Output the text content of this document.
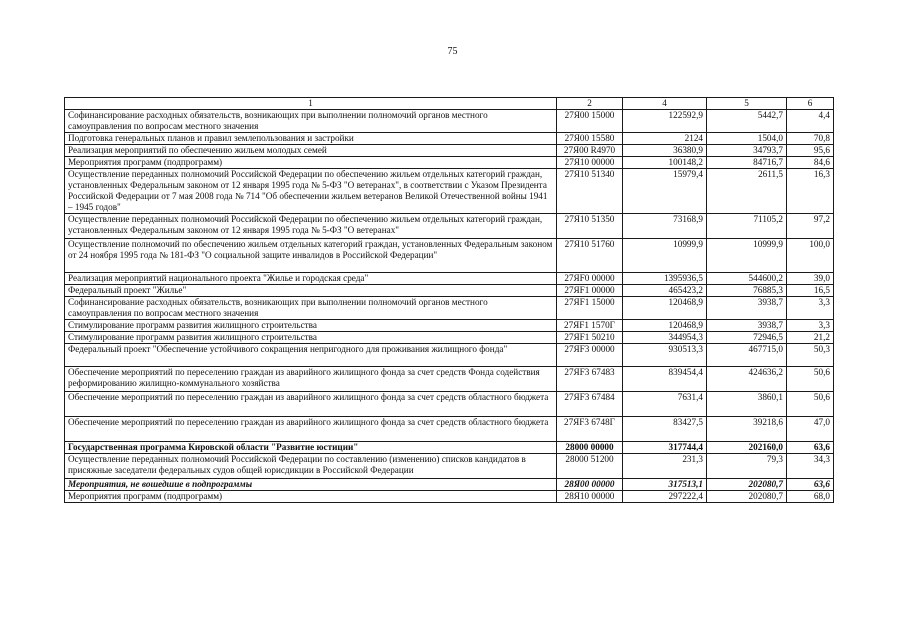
75
1	2	4	5	6
Софинансирование расходных обязательств, возникающих при выполнении полномочий органов местного самоуправления по вопросам местного значения	27Я00 15000	122592,9	5442,7	4,4
Подготовка генеральных планов и правил землепользования и застройки	27Я00 15580	2124	1504,0	70,8
Реализация мероприятий по обеспечению жильем молодых семей	27Я00 R4970	36380,9	34793,7	95,6
Мероприятия программ (подпрограмм)	27Я10 00000	100148,2	84716,7	84,6
Осуществление переданных полномочий Российской Федерации по обеспечению жильем отдельных категорий граждан, установленных Федеральным законом от 12 января 1995 года № 5-ФЗ "О ветеранах", в соответствии с Указом Президента Российской Федерации от 7 мая 2008 года № 714 "Об обеспечении жильем ветеранов Великой Отечественной войны 1941 – 1945 годов"	27Я10 51340	15979,4	2611,5	16,3
Осуществление переданных полномочий Российской Федерации по обеспечению жильем отдельных категорий граждан, установленных Федеральным законом от 12 января 1995 года № 5-ФЗ "О ветеранах"	27Я10 51350	73168,9	71105,2	97,2
Осуществление полномочий по обеспечению жильем отдельных категорий граждан, установленных Федеральным законом от 24 ноября 1995 года № 181-ФЗ "О социальной защите инвалидов в Российской Федерации"	27Я10 51760	10999,9	10999,9	100,0
Реализация мероприятий национального проекта "Жилье и городская среда"	27ЯF0 00000	1395936,5	544600,2	39,0
Федеральный проект "Жилье"	27ЯF1 00000	465423,2	76885,3	16,5
Софинансирование расходных обязательств, возникающих при выполнении полномочий органов местного самоуправления по вопросам местного значения	27ЯF1 15000	120468,9	3938,7	3,3
Стимулирование программ развития жилищного строительства	27ЯF1 1570Г	120468,9	3938,7	3,3
Стимулирование программ развития жилищного строительства	27ЯF1 50210	344954,3	72946,5	21,2
Федеральный проект "Обеспечение устойчивого сокращения непригодного для проживания жилищного фонда"	27ЯF3 00000	930513,3	467715,0	50,3
Обеспечение мероприятий по переселению граждан из аварийного жилищного фонда за счет средств Фонда содействия реформированию жилищно-коммунального хозяйства	27ЯF3 67483	839454,4	424636,2	50,6
Обеспечение мероприятий по переселению граждан из аварийного жилищного фонда за счет средств областного бюджета	27ЯF3 67484	7631,4	3860,1	50,6
Обеспечение мероприятий по переселению граждан из аварийного жилищного фонда за счет средств областного бюджета	27ЯF3 6748Г	83427,5	39218,6	47,0
Государственная программа Кировской области "Развитие юстиции"	28000 00000	317744,4	202160,0	63,6
Осуществление переданных полномочий Российской Федерации по составлению (изменению) списков кандидатов в присяжные заседатели федеральных судов общей юрисдикции в Российской Федерации	28000 51200	231,3	79,3	34,3
Мероприятия, не вошедшие в подпрограммы	28Я00 00000	317513,1	202080,7	63,6
Мероприятия программ (подпрограмм)	28Я10 00000	297222,4	202080,7	68,0
